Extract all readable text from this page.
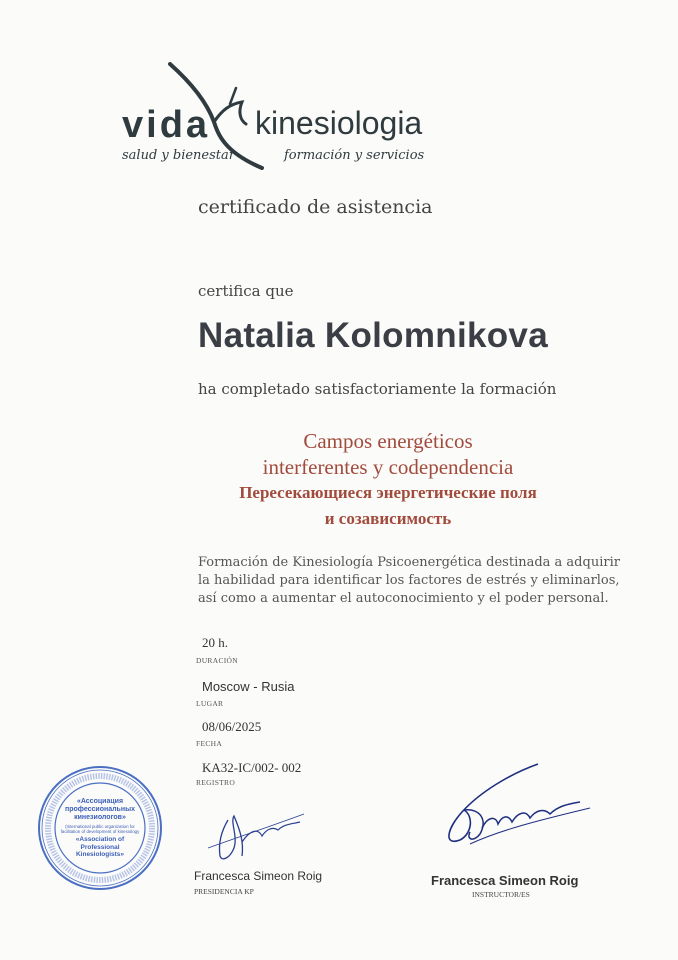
vida kinesiologia
salud y bienestar	formación y servicios
certificado de asistencia
certifica que
Natalia Kolomnikova
ha completado satisfactoriamente la formación
Campos energéticos
interferentes y codependencia
Пересекающиеся энергетические поля
и созависимость
Formación de Kinesiología Psicoenergética destinada a adquirir
la habilidad para identificar los factores de estrés y eliminarlos,
así como a aumentar el autoconocimiento y el poder personal.
20 h.
DURACIÓN
Moscow - Rusia
LUGAR
08/06/2025
FECHA
KA32-IC/002- 002
REGISTRO
«Ассоциация
профессиональных
кинезиологов»
(International public organization for
facilitation of development of kinesiology
«Association of Professional
Kinesiologists»
Francesca Simeon Roig
PRESIDENCIA KP
Francesca Simeon Roig
INSTRUCTOR/ES
